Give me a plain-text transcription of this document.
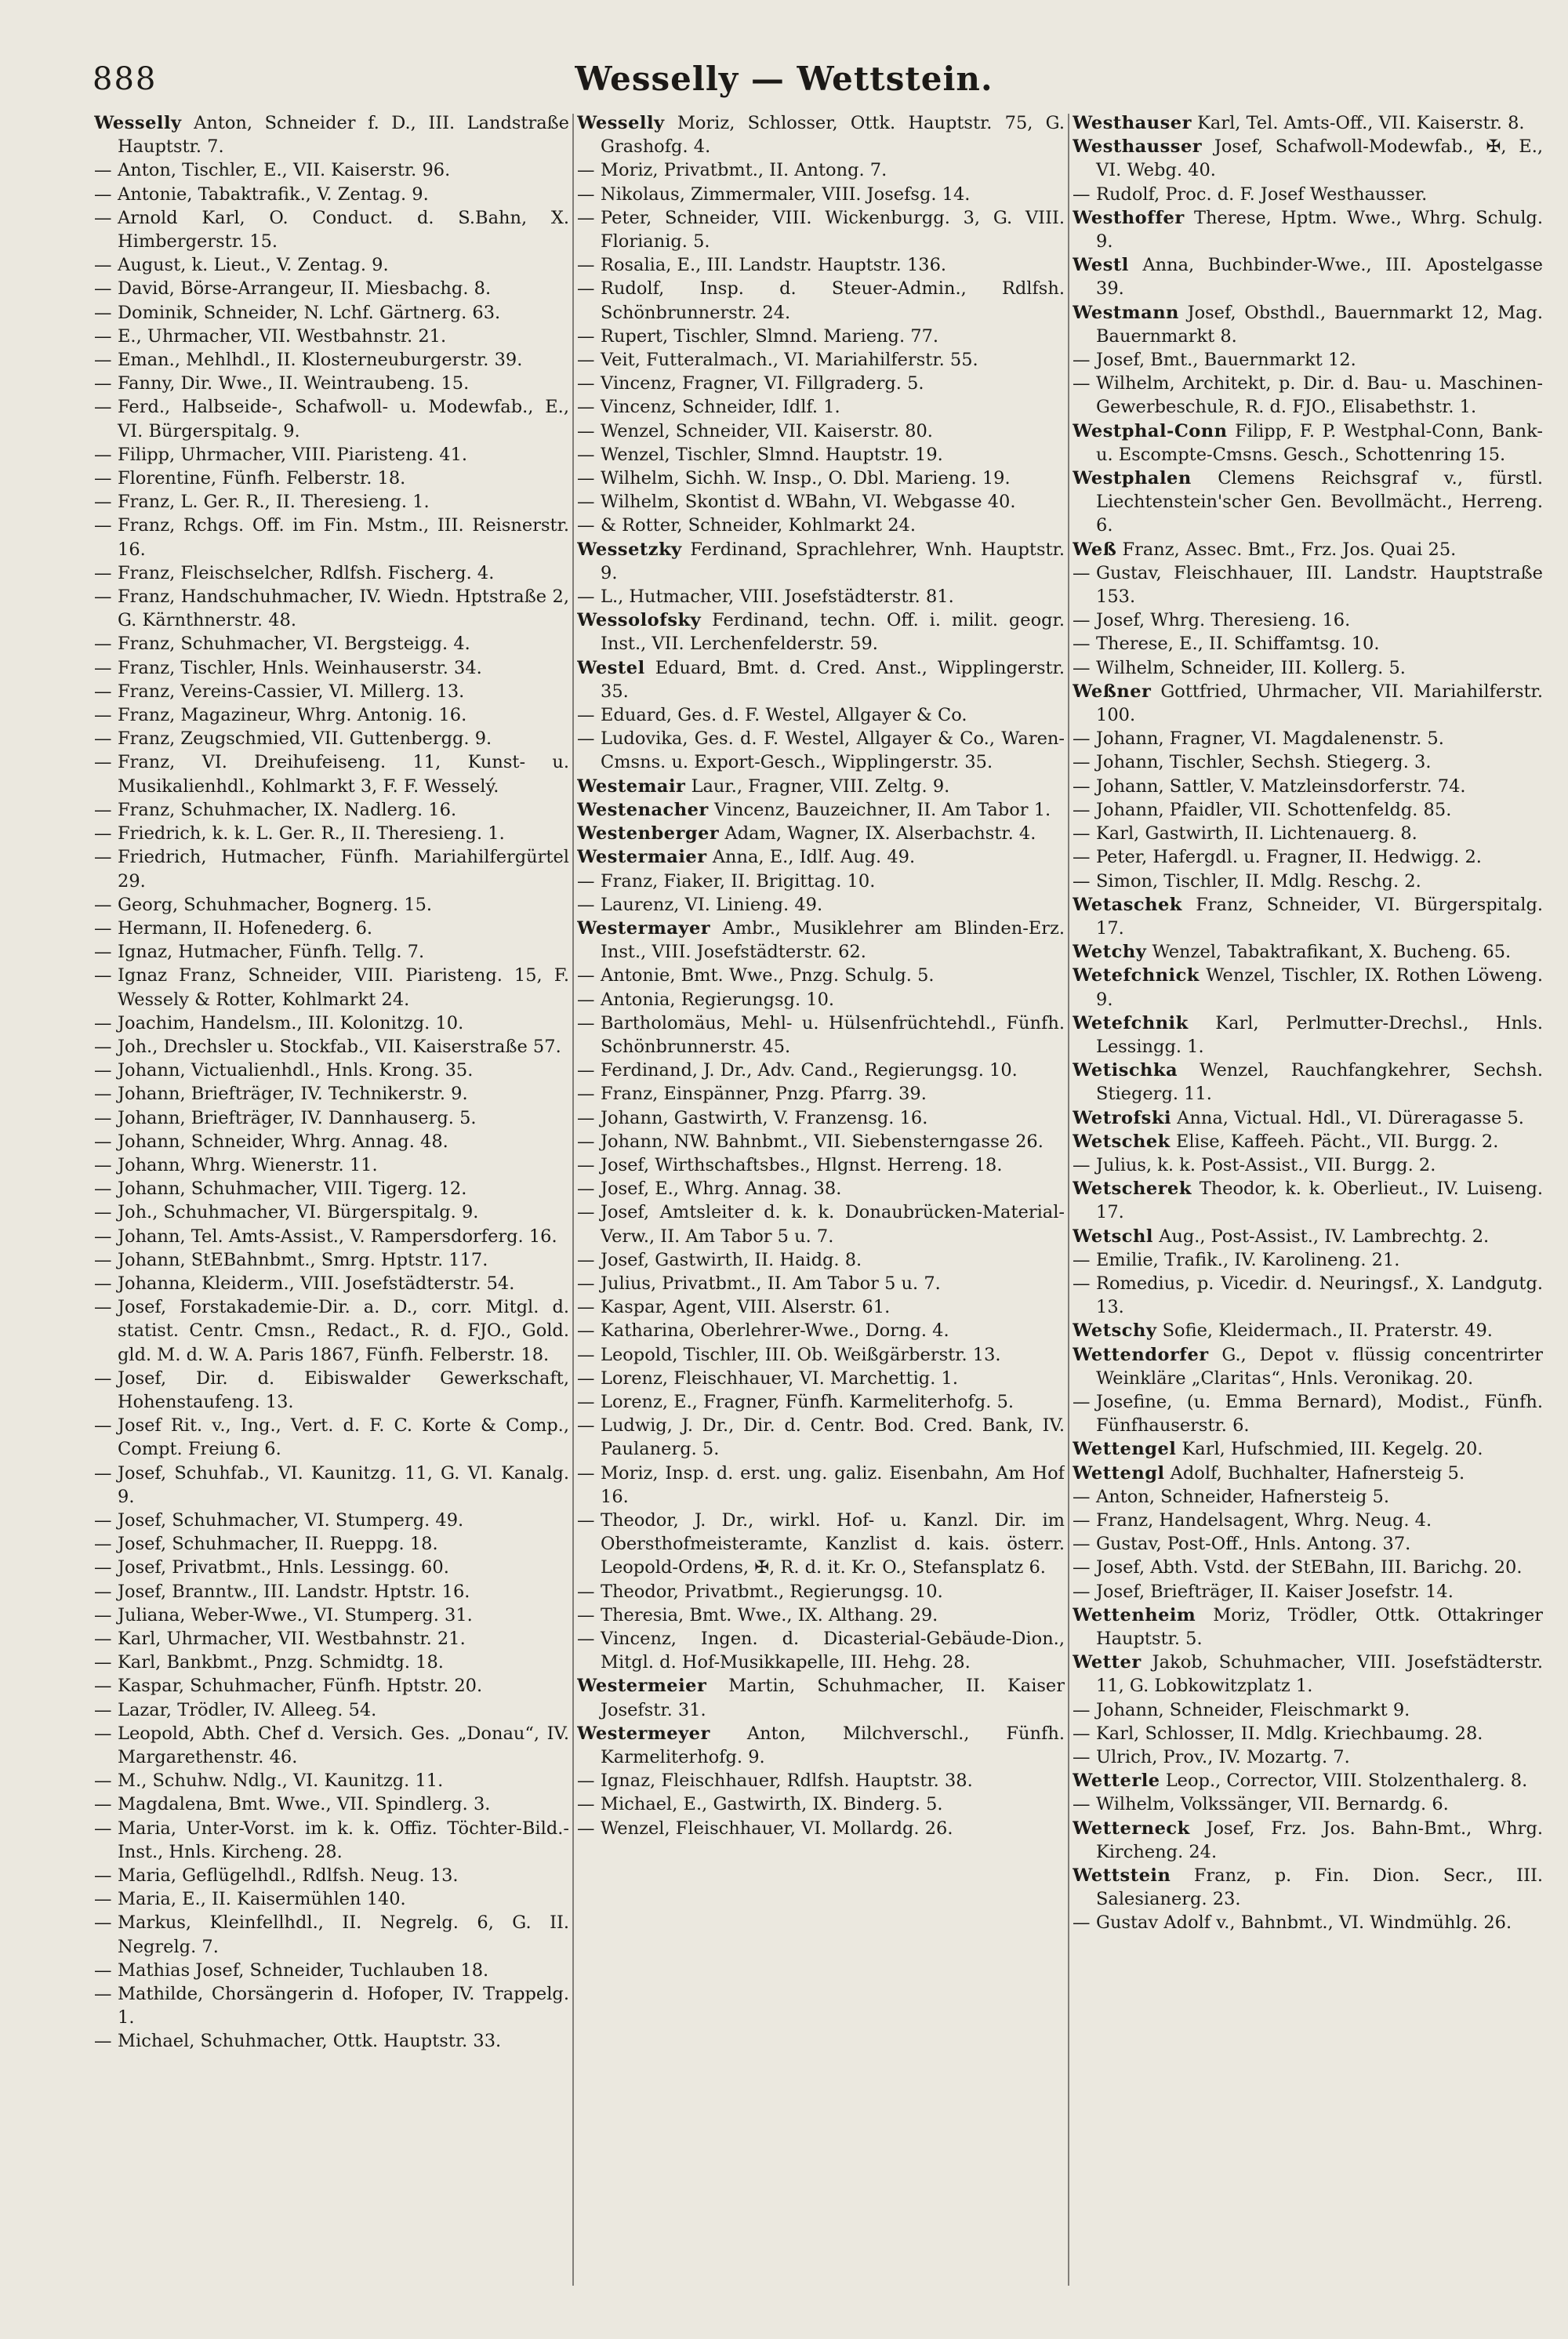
888	Wesselly — Wettstein.

Wesselly Anton, Schneider f. D., III. Landstraße Hauptstr. 7.

— Anton, Tischler, E., VII. Kaiserstr. 96.

— Antonie, Tabaktrafik., V. Zentag. 9.

— Arnold Karl, O. Conduct. d. S.Bahn, X. Himbergerstr. 15.

— August, k. Lieut., V. Zentag. 9.

— David, Börse-Arrangeur, II. Miesbachg. 8.

— Dominik, Schneider, N. Lchf. Gärtnerg. 63.

— E., Uhrmacher, VII. Westbahnstr. 21.

— Eman., Mehlhdl., II. Klosterneuburgerstr. 39.

— Fanny, Dir. Wwe., II. Weintraubeng. 15.

— Ferd., Halbseide-, Schafwoll- u. Modewfab., E., VI. Bürgerspitalg. 9.

— Filipp, Uhrmacher, VIII. Piaristeng. 41.

— Florentine, Fünfh. Felberstr. 18.

— Franz, L. Ger. R., II. Theresieng. 1.

— Franz, Rchgs. Off. im Fin. Mstm., III. Reisnerstr. 16.

— Franz, Fleischselcher, Rdlfsh. Fischerg. 4.

— Franz, Handschuhmacher, IV. Wiedn. Hptstraße 2, G. Kärnthnerstr. 48.

— Franz, Schuhmacher, VI. Bergsteigg. 4.

— Franz, Tischler, Hnls. Weinhauserstr. 34.

— Franz, Vereins-Cassier, VI. Millerg. 13.

— Franz, Magazineur, Whrg. Antonig. 16.

— Franz, Zeugschmied, VII. Guttenbergg. 9.

— Franz, VI. Dreihufeiseng. 11, Kunst- u. Musikalienhdl., Kohlmarkt 3, F. F. Wesselý.

— Franz, Schuhmacher, IX. Nadlerg. 16.

— Friedrich, k. k. L. Ger. R., II. Theresieng. 1.

— Friedrich, Hutmacher, Fünfh. Mariahilfergürtel 29.

— Georg, Schuhmacher, Bognerg. 15.

— Hermann, II. Hofenederg. 6.

— Ignaz, Hutmacher, Fünfh. Tellg. 7.

— Ignaz Franz, Schneider, VIII. Piaristeng. 15, F. Wessely & Rotter, Kohlmarkt 24.

— Joachim, Handelsm., III. Kolonitzg. 10.

— Joh., Drechsler u. Stockfab., VII. Kaiserstraße 57.

— Johann, Victualienhdl., Hnls. Krong. 35.

— Johann, Briefträger, IV. Technikerstr. 9.

— Johann, Briefträger, IV. Dannhauserg. 5.

— Johann, Schneider, Whrg. Annag. 48.

— Johann, Whrg. Wienerstr. 11.

— Johann, Schuhmacher, VIII. Tigerg. 12.

— Joh., Schuhmacher, VI. Bürgerspitalg. 9.

— Johann, Tel. Amts-Assist., V. Rampersdorferg. 16.

— Johann, StEBahnbmt., Smrg. Hptstr. 117.

— Johanna, Kleiderm., VIII. Josefstädterstr. 54.

— Josef, Forstakademie-Dir. a. D., corr. Mitgl. d. statist. Centr. Cmsn., Redact., R. d. FJO., Gold. gld. M. d. W. A. Paris 1867, Fünfh. Felberstr. 18.

— Josef, Dir. d. Eibiswalder Gewerkschaft, Hohenstaufeng. 13.

— Josef Rit. v., Ing., Vert. d. F. C. Korte & Comp., Compt. Freiung 6.

— Josef, Schuhfab., VI. Kaunitzg. 11, G. VI. Kanalg. 9.

— Josef, Schuhmacher, VI. Stumperg. 49.

— Josef, Schuhmacher, II. Rueppg. 18.

— Josef, Privatbmt., Hnls. Lessingg. 60.

— Josef, Branntw., III. Landstr. Hptstr. 16.

— Juliana, Weber-Wwe., VI. Stumperg. 31.

— Karl, Uhrmacher, VII. Westbahnstr. 21.

— Karl, Bankbmt., Pnzg. Schmidtg. 18.

— Kaspar, Schuhmacher, Fünfh. Hptstr. 20.

— Lazar, Trödler, IV. Alleeg. 54.

— Leopold, Abth. Chef d. Versich. Ges. „Donau“, IV. Margarethenstr. 46.

— M., Schuhw. Ndlg., VI. Kaunitzg. 11.

— Magdalena, Bmt. Wwe., VII. Spindlerg. 3.

— Maria, Unter-Vorst. im k. k. Offiz. Töchter-Bild.-Inst., Hnls. Kircheng. 28.

— Maria, Geflügelhdl., Rdlfsh. Neug. 13.

— Maria, E., II. Kaisermühlen 140.

— Markus, Kleinfellhdl., II. Negrelg. 6, G. II. Negrelg. 7.

— Mathias Josef, Schneider, Tuchlauben 18.

— Mathilde, Chorsängerin d. Hofoper, IV. Trappelg. 1.

— Michael, Schuhmacher, Ottk. Hauptstr. 33.

Wesselly Moriz, Schlosser, Ottk. Hauptstr. 75, G. Grashofg. 4.

— Moriz, Privatbmt., II. Antong. 7.

— Nikolaus, Zimmermaler, VIII. Josefsg. 14.

— Peter, Schneider, VIII. Wickenburgg. 3, G. VIII. Florianig. 5.

— Rosalia, E., III. Landstr. Hauptstr. 136.

— Rudolf, Insp. d. Steuer-Admin., Rdlfsh. Schönbrunnerstr. 24.

— Rupert, Tischler, Slmnd. Marieng. 77.

— Veit, Futteralmach., VI. Mariahilferstr. 55.

— Vincenz, Fragner, VI. Fillgraderg. 5.

— Vincenz, Schneider, Idlf. 1.

— Wenzel, Schneider, VII. Kaiserstr. 80.

— Wenzel, Tischler, Slmnd. Hauptstr. 19.

— Wilhelm, Sichh. W. Insp., O. Dbl. Marieng. 19.

— Wilhelm, Skontist d. WBahn, VI. Webgasse 40.

— & Rotter, Schneider, Kohlmarkt 24.

Wessetzky Ferdinand, Sprachlehrer, Wnh. Hauptstr. 9.

— L., Hutmacher, VIII. Josefstädterstr. 81.

Wessolofsky Ferdinand, techn. Off. i. milit. geogr. Inst., VII. Lerchenfelderstr. 59.

Westel Eduard, Bmt. d. Cred. Anst., Wipplingerstr. 35.

— Eduard, Ges. d. F. Westel, Allgayer & Co.

— Ludovika, Ges. d. F. Westel, Allgayer & Co., Waren-Cmsns. u. Export-Gesch., Wipplingerstr. 35.

Westemair Laur., Fragner, VIII. Zeltg. 9.

Westenacher Vincenz, Bauzeichner, II. Am Tabor 1.

Westenberger Adam, Wagner, IX. Alserbachstr. 4.

Westermaier Anna, E., Idlf. Aug. 49.

— Franz, Fiaker, II. Brigittag. 10.

— Laurenz, VI. Linieng. 49.

Westermayer Ambr., Musiklehrer am Blinden-Erz. Inst., VIII. Josefstädterstr. 62.

— Antonie, Bmt. Wwe., Pnzg. Schulg. 5.

— Antonia, Regierungsg. 10.

— Bartholomäus, Mehl- u. Hülsenfrüchtehdl., Fünfh. Schönbrunnerstr. 45.

— Ferdinand, J. Dr., Adv. Cand., Regierungsg. 10.

— Franz, Einspänner, Pnzg. Pfarrg. 39.

— Johann, Gastwirth, V. Franzensg. 16.

— Johann, NW. Bahnbmt., VII. Siebensterngasse 26.

— Josef, Wirthschaftsbes., Hlgnst. Herreng. 18.

— Josef, E., Whrg. Annag. 38.

— Josef, Amtsleiter d. k. k. Donaubrücken-Material-Verw., II. Am Tabor 5 u. 7.

— Josef, Gastwirth, II. Haidg. 8.

— Julius, Privatbmt., II. Am Tabor 5 u. 7.

— Kaspar, Agent, VIII. Alserstr. 61.

— Katharina, Oberlehrer-Wwe., Dorng. 4.

— Leopold, Tischler, III. Ob. Weißgärberstr. 13.

— Lorenz, Fleischhauer, VI. Marchettig. 1.

— Lorenz, E., Fragner, Fünfh. Karmeliterhofg. 5.

— Ludwig, J. Dr., Dir. d. Centr. Bod. Cred. Bank, IV. Paulanerg. 5.

— Moriz, Insp. d. erst. ung. galiz. Eisenbahn, Am Hof 16.

— Theodor, J. Dr., wirkl. Hof- u. Kanzl. Dir. im Obersthofmeisteramte, Kanzlist d. kais. österr. Leopold-Ordens, ✠, R. d. it. Kr. O., Stefansplatz 6.

— Theodor, Privatbmt., Regierungsg. 10.

— Theresia, Bmt. Wwe., IX. Althang. 29.

— Vincenz, Ingen. d. Dicasterial-Gebäude-Dion., Mitgl. d. Hof-Musikkapelle, III. Hehg. 28.

Westermeier Martin, Schuhmacher, II. Kaiser Josefstr. 31.

Westermeyer Anton, Milchverschl., Fünfh. Karmeliterhofg. 9.

— Ignaz, Fleischhauer, Rdlfsh. Hauptstr. 38.

— Michael, E., Gastwirth, IX. Binderg. 5.

— Wenzel, Fleischhauer, VI. Mollardg. 26.

Westhauser Karl, Tel. Amts-Off., VII. Kaiserstr. 8.

Westhausser Josef, Schafwoll-Modewfab., ✠, E., VI. Webg. 40.

— Rudolf, Proc. d. F. Josef Westhausser.

Westhoffer Therese, Hptm. Wwe., Whrg. Schulg. 9.

Westl Anna, Buchbinder-Wwe., III. Apostelgasse 39.

Westmann Josef, Obsthdl., Bauernmarkt 12, Mag. Bauernmarkt 8.

— Josef, Bmt., Bauernmarkt 12.

— Wilhelm, Architekt, p. Dir. d. Bau- u. Maschinen-Gewerbeschule, R. d. FJO., Elisabethstr. 1.

Westphal-Conn Filipp, F. P. Westphal-Conn, Bank- u. Escompte-Cmsns. Gesch., Schottenring 15.

Westphalen Clemens Reichsgraf v., fürstl. Liechtenstein'scher Gen. Bevollmächt., Herreng. 6.

Weß Franz, Assec. Bmt., Frz. Jos. Quai 25.

— Gustav, Fleischhauer, III. Landstr. Hauptstraße 153.

— Josef, Whrg. Theresieng. 16.

— Therese, E., II. Schiffamtsg. 10.

— Wilhelm, Schneider, III. Kollerg. 5.

Weßner Gottfried, Uhrmacher, VII. Mariahilferstr. 100.

— Johann, Fragner, VI. Magdalenenstr. 5.

— Johann, Tischler, Sechsh. Stiegerg. 3.

— Johann, Sattler, V. Matzleinsdorferstr. 74.

— Johann, Pfaidler, VII. Schottenfeldg. 85.

— Karl, Gastwirth, II. Lichtenauerg. 8.

— Peter, Hafergdl. u. Fragner, II. Hedwigg. 2.

— Simon, Tischler, II. Mdlg. Reschg. 2.

Wetaschek Franz, Schneider, VI. Bürgerspitalg. 17.

Wetchy Wenzel, Tabaktrafikant, X. Bucheng. 65.

Wetefchnick Wenzel, Tischler, IX. Rothen Löweng. 9.

Wetefchnik Karl, Perlmutter-Drechsl., Hnls. Lessingg. 1.

Wetischka Wenzel, Rauchfangkehrer, Sechsh. Stiegerg. 11.

Wetrofski Anna, Victual. Hdl., VI. Düreragasse 5.

Wetschek Elise, Kaffeeh. Pächt., VII. Burgg. 2.

— Julius, k. k. Post-Assist., VII. Burgg. 2.

Wetscherek Theodor, k. k. Oberlieut., IV. Luiseng. 17.

Wetschl Aug., Post-Assist., IV. Lambrechtg. 2.

— Emilie, Trafik., IV. Karolineng. 21.

— Romedius, p. Vicedir. d. Neuringsf., X. Landgutg. 13.

Wetschy Sofie, Kleidermach., II. Praterstr. 49.

Wettendorfer G., Depot v. flüssig concentrirter Weinkläre „Claritas“, Hnls. Veronikag. 20.

— Josefine, (u. Emma Bernard), Modist., Fünfh. Fünfhauserstr. 6.

Wettengel Karl, Hufschmied, III. Kegelg. 20.

Wettengl Adolf, Buchhalter, Hafnersteig 5.

— Anton, Schneider, Hafnersteig 5.

— Franz, Handelsagent, Whrg. Neug. 4.

— Gustav, Post-Off., Hnls. Antong. 37.

— Josef, Abth. Vstd. der StEBahn, III. Barichg. 20.

— Josef, Briefträger, II. Kaiser Josefstr. 14.

Wettenheim Moriz, Trödler, Ottk. Ottakringer Hauptstr. 5.

Wetter Jakob, Schuhmacher, VIII. Josefstädterstr. 11, G. Lobkowitzplatz 1.

— Johann, Schneider, Fleischmarkt 9.

— Karl, Schlosser, II. Mdlg. Kriechbaumg. 28.

— Ulrich, Prov., IV. Mozartg. 7.

Wetterle Leop., Corrector, VIII. Stolzenthalerg. 8.

— Wilhelm, Volkssänger, VII. Bernardg. 6.

Wetterneck Josef, Frz. Jos. Bahn-Bmt., Whrg. Kircheng. 24.

Wettstein Franz, p. Fin. Dion. Secr., III. Salesianerg. 23.

— Gustav Adolf v., Bahnbmt., VI. Windmühlg. 26.
